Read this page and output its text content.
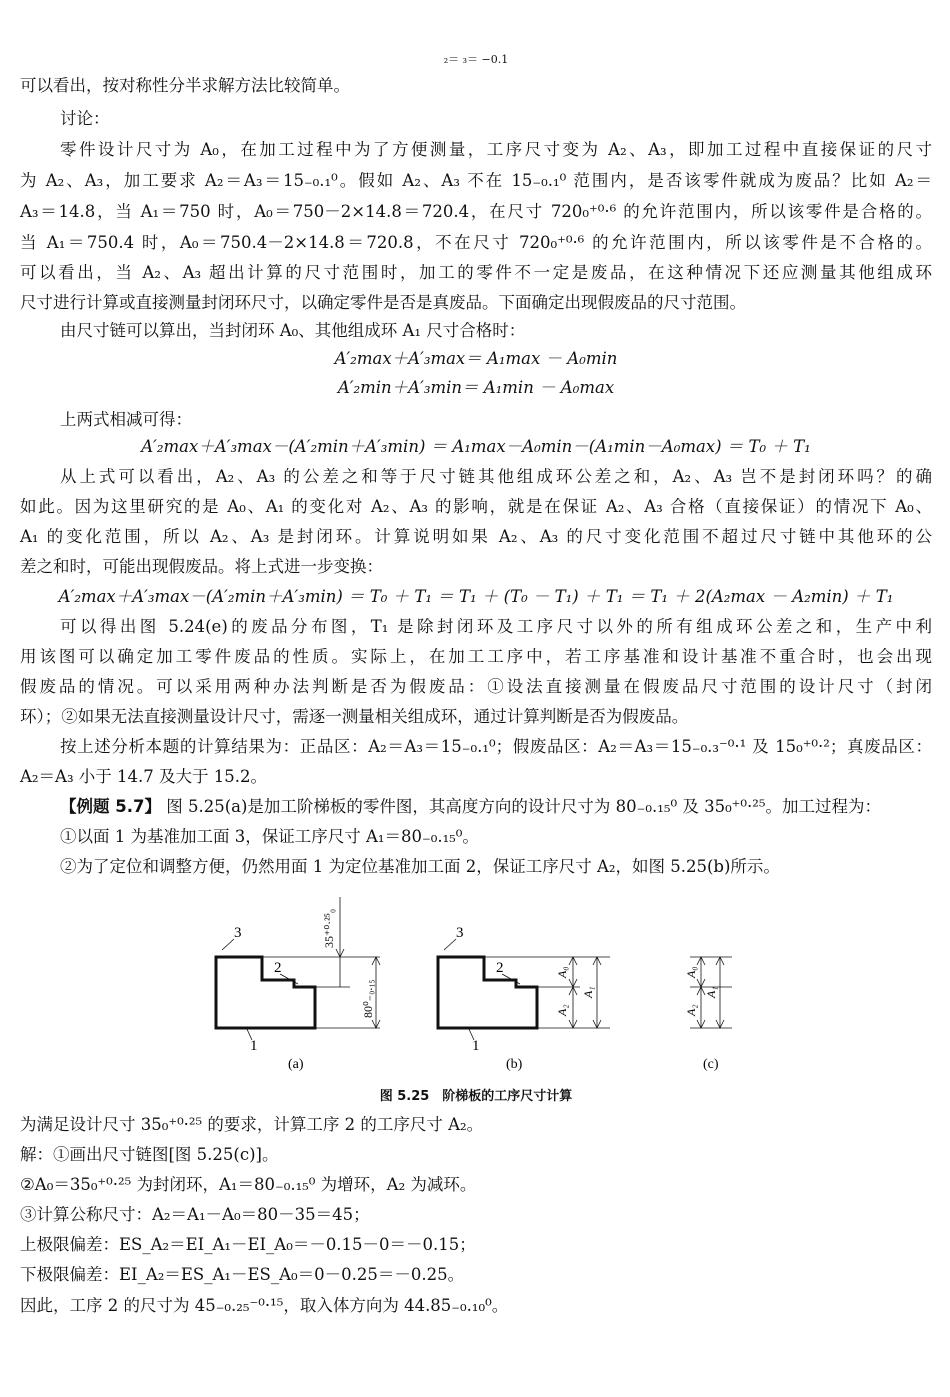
₂＝ ₃＝ −0.1
可以看出，按对称性分半求解方法比较简单。
讨论：
零件设计尺寸为 A₀，在加工过程中为了方便测量，工序尺寸变为 A₂、A₃，即加工过程中直接保证的尺寸
为 A₂、A₃，加工要求 A₂＝A₃＝15₋₀.₁⁰。假如 A₂、A₃ 不在 15₋₀.₁⁰ 范围内，是否该零件就成为废品？比如 A₂＝
A₃＝14.8，当 A₁＝750 时，A₀＝750－2×14.8＝720.4，在尺寸 720₀⁺⁰·⁶ 的允许范围内，所以该零件是合格的。
当 A₁＝750.4 时，A₀＝750.4－2×14.8＝720.8，不在尺寸 720₀⁺⁰·⁶ 的允许范围内，所以该零件是不合格的。
可以看出，当 A₂、A₃ 超出计算的尺寸范围时，加工的零件不一定是废品，在这种情况下还应测量其他组成环
尺寸进行计算或直接测量封闭环尺寸，以确定零件是否是真废品。下面确定出现假废品的尺寸范围。
由尺寸链可以算出，当封闭环 A₀、其他组成环 A₁ 尺寸合格时：
A′₂max＋A′₃max＝ A₁max － A₀min
A′₂min＋A′₃min＝ A₁min － A₀max
上两式相减可得：
A′₂max＋A′₃max－(A′₂min＋A′₃min) ＝ A₁max－A₀min－(A₁min－A₀max) ＝ T₀ ＋ T₁
从上式可以看出，A₂、A₃ 的公差之和等于尺寸链其他组成环公差之和，A₂、A₃ 岂不是封闭环吗？的确
如此。因为这里研究的是 A₀、A₁ 的变化对 A₂、A₃ 的影响，就是在保证 A₂、A₃ 合格（直接保证）的情况下 A₀、
A₁ 的变化范围，所以 A₂、A₃ 是封闭环。计算说明如果 A₂、A₃ 的尺寸变化范围不超过尺寸链中其他环的公
差之和时，可能出现假废品。将上式进一步变换：
A′₂max＋A′₃max－(A′₂min＋A′₃min) ＝ T₀ ＋ T₁ ＝ T₁ ＋ (T₀ － T₁) ＋ T₁ ＝ T₁ ＋ 2(A₂max － A₂min) ＋ T₁
可以得出图 5.24(e)的废品分布图，T₁ 是除封闭环及工序尺寸以外的所有组成环公差之和，生产中利
用该图可以确定加工零件废品的性质。实际上，在加工工序中，若工序基准和设计基准不重合时，也会出现
假废品的情况。可以采用两种办法判断是否为假废品：①设法直接测量在假废品尺寸范围的设计尺寸（封闭
环）；②如果无法直接测量设计尺寸，需逐一测量相关组成环，通过计算判断是否为假废品。
按上述分析本题的计算结果为：正品区：A₂＝A₃＝15₋₀.₁⁰；假废品区：A₂＝A₃＝15₋₀.₃⁻⁰·¹ 及 15₀⁺⁰·²；真废品区：
A₂＝A₃ 小于 14.7 及大于 15.2。
【例题 5.7】 图 5.25(a)是加工阶梯板的零件图，其高度方向的设计尺寸为 80₋₀.₁₅⁰ 及 35₀⁺⁰·²⁵。加工过程为：
①以面 1 为基准加工面 3，保证工序尺寸 A₁＝80₋₀.₁₅⁰。
②为了定位和调整方便，仍然用面 1 为定位基准加工面 2，保证工序尺寸 A₂，如图 5.25(b)所示。
3
2
1
35⁺⁰·²⁵₀
80⁰₋₀.₁₅
(a)
3
2
1
A₀
A₂
A₁
(b)
A₀
A₂
A₁
(c)
图 5.25　阶梯板的工序尺寸计算
为满足设计尺寸 35₀⁺⁰·²⁵ 的要求，计算工序 2 的工序尺寸 A₂。
解：①画出尺寸链图[图 5.25(c)]。
②A₀＝35₀⁺⁰·²⁵ 为封闭环，A₁＝80₋₀.₁₅⁰ 为增环，A₂ 为减环。
③计算公称尺寸：A₂＝A₁－A₀＝80－35＝45；
上极限偏差：ES_A₂＝EI_A₁－EI_A₀＝－0.15－0＝－0.15；
下极限偏差：EI_A₂＝ES_A₁－ES_A₀＝0－0.25＝－0.25。
因此，工序 2 的尺寸为 45₋₀.₂₅⁻⁰·¹⁵，取入体方向为 44.85₋₀.₁₀⁰。
